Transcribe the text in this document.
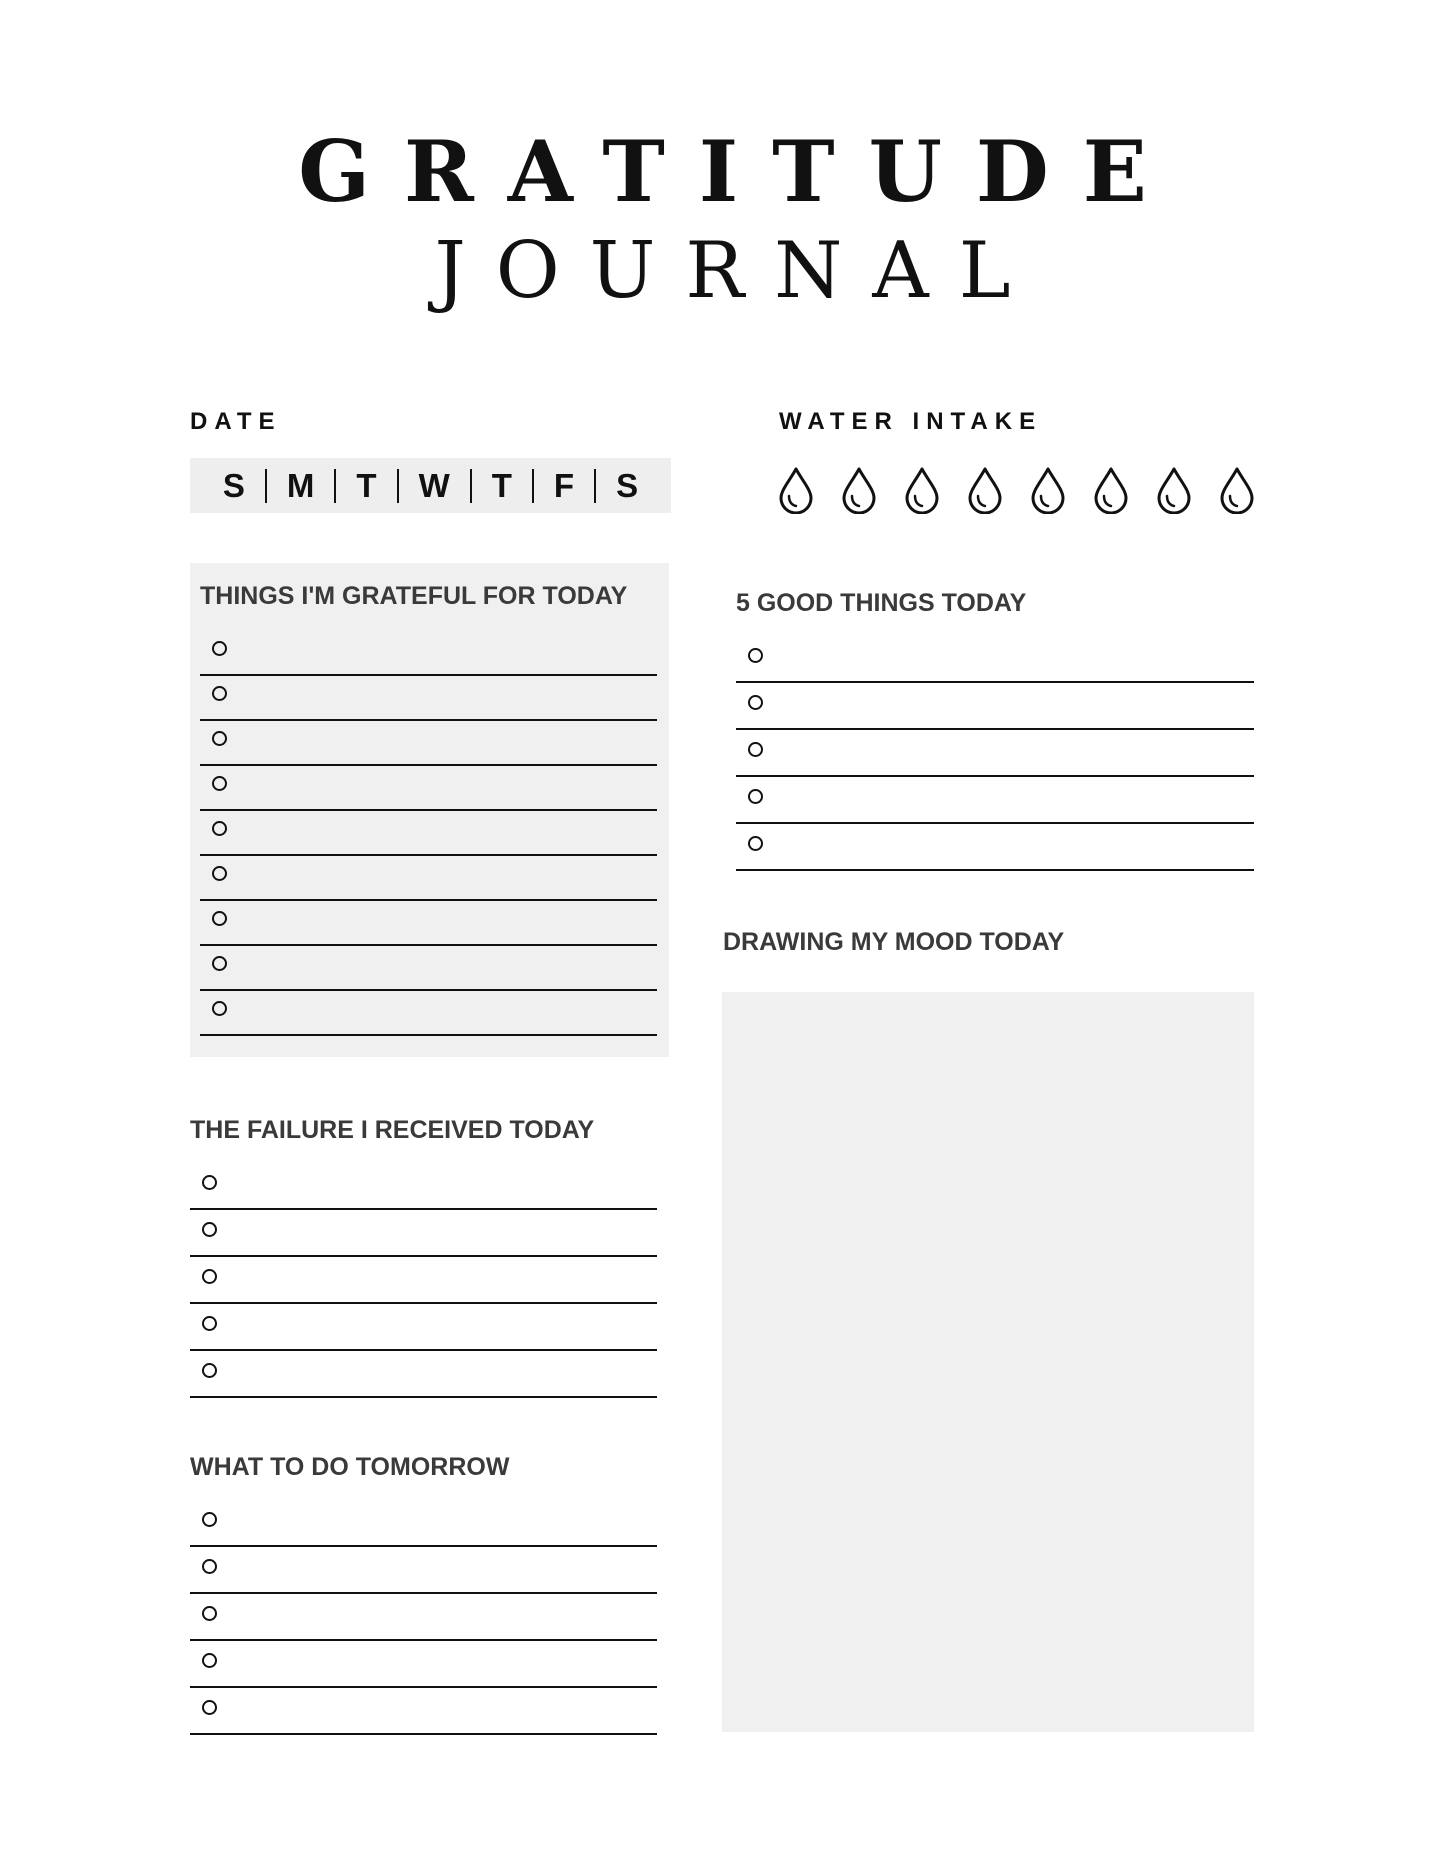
GRATITUDE
JOURNAL
DATE
S	M	T	W	T	F	S
WATER INTAKE
THINGS I'M GRATEFUL FOR TODAY	5 GOOD THINGS TODAY
DRAWING MY MOOD TODAY
THE FAILURE I RECEIVED TODAY
WHAT TO DO TOMORROW
